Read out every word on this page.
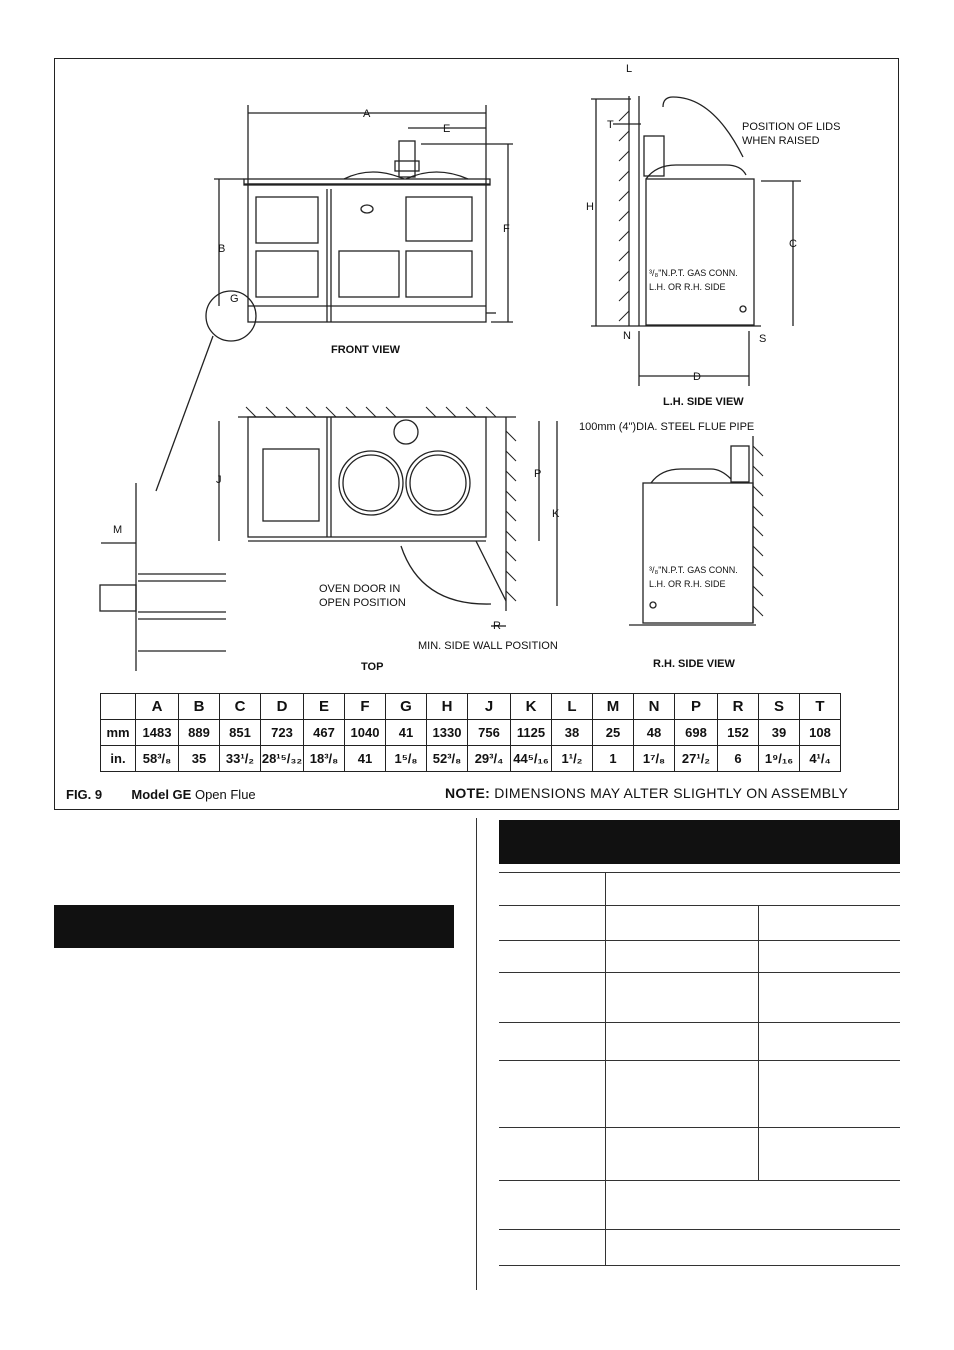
FRONT VIEW
L.H. SIDE VIEW
TOP	R.H. SIDE VIEW
POSITION OF LIDS
WHEN RAISED
³/₈"N.P.T. GAS CONN.
L.H. OR R.H. SIDE
100mm (4")DIA. STEEL FLUE PIPE
³/₈"N.P.T. GAS CONN.
L.H. OR R.H. SIDE
OVEN DOOR IN
OPEN POSITION
MIN. SIDE WALL POSITION
A
B	C
D
E
F
G
H
J
K
L
M
N
P
R
S
T
	A	B	C	D	E	F	G	H	J	K	L	M	N	P	R	S	T
mm	1483	889	851	723	467	1040	41	1330	756	1125	38	25	48	698	152	39	108
in.	58³/₈	35	33¹/₂	28¹⁵/₃₂	18³/₈	41	1⁵/₈	52³/₈	29³/₄	44⁵/₁₆	1¹/₂	1	1⁷/₈	27¹/₂	6	1⁹/₁₆	4¹/₄
FIG. 9 Model GE Open Flue	NOTE: DIMENSIONS MAY ALTER SLIGHTLY ON ASSEMBLY
